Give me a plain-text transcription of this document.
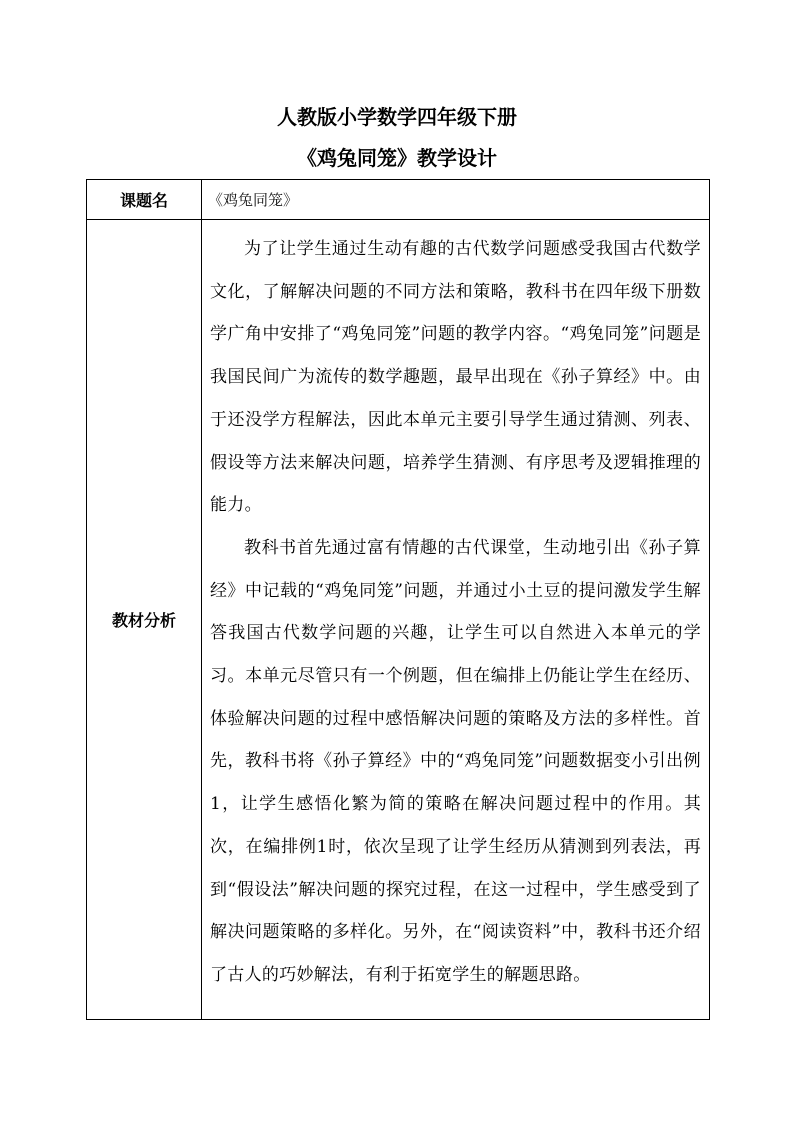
人教版小学数学四年级下册
《鸡兔同笼》教学设计
课题名	《鸡兔同笼》
教材分析	为了让学生通过生动有趣的古代数学问题感受我国古代数学文化，了解解决问题的不同方法和策略，教科书在四年级下册数学广角中安排了“鸡兔同笼”问题的教学内容。“鸡兔同笼”问题是我国民间广为流传的数学趣题，最早出现在《孙子算经》中。由于还没学方程解法，因此本单元主要引导学生通过猜测、列表、假设等方法来解决问题，培养学生猜测、有序思考及逻辑推理的能力。

教科书首先通过富有情趣的古代课堂，生动地引出《孙子算经》中记载的“鸡兔同笼”问题，并通过小土豆的提问激发学生解答我国古代数学问题的兴趣，让学生可以自然进入本单元的学习。本单元尽管只有一个例题，但在编排上仍能让学生在经历、体验解决问题的过程中感悟解决问题的策略及方法的多样性。首先，教科书将《孙子算经》中的“鸡兔同笼”问题数据变小引出例1，让学生感悟化繁为简的策略在解决问题过程中的作用。其次，在编排例1时，依次呈现了让学生经历从猜测到列表法，再到“假设法”解决问题的探究过程，在这一过程中，学生感受到了解决问题策略的多样化。另外，在“阅读资料”中，教科书还介绍了古人的巧妙解法，有利于拓宽学生的解题思路。
